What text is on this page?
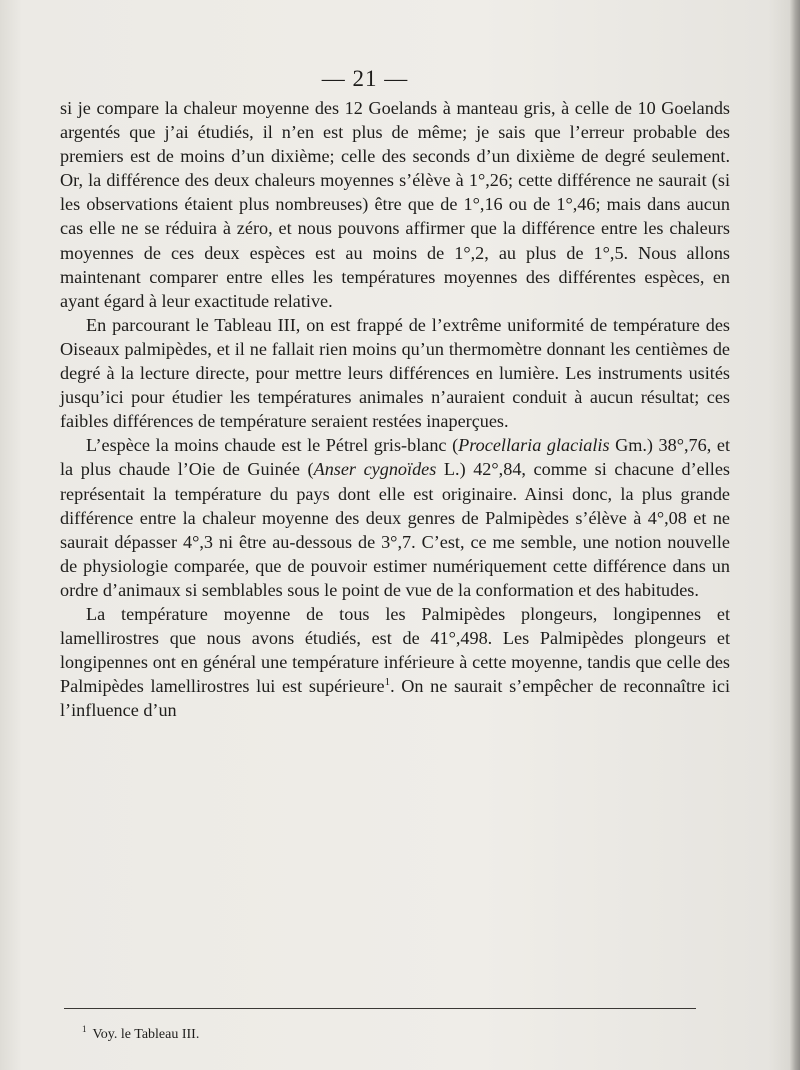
— 21 —

si je compare la chaleur moyenne des 12 Goelands à manteau gris, à celle de 10 Goelands argentés que j’ai étudiés, il n’en est plus de même; je sais que l’erreur probable des premiers est de moins d’un dixième; celle des seconds d’un dixième de degré seulement. Or, la différence des deux chaleurs moyennes s’élève à 1°,26; cette différence ne saurait (si les observations étaient plus nombreuses) être que de 1°,16 ou de 1°,46; mais dans aucun cas elle ne se réduira à zéro, et nous pouvons affirmer que la différence entre les chaleurs moyennes de ces deux espèces est au moins de 1°,2, au plus de 1°,5. Nous allons maintenant comparer entre elles les températures moyennes des différentes espèces, en ayant égard à leur exactitude relative.

En parcourant le Tableau III, on est frappé de l’extrême uniformité de température des Oiseaux palmipèdes, et il ne fallait rien moins qu’un thermomètre donnant les centièmes de degré à la lecture directe, pour mettre leurs différences en lumière. Les instruments usités jusqu’ici pour étudier les températures animales n’auraient conduit à aucun résultat; ces faibles différences de température seraient restées inaperçues.

L’espèce la moins chaude est le Pétrel gris-blanc (Procellaria glacialis Gm.) 38°,76, et la plus chaude l’Oie de Guinée (Anser cygnoïdes L.) 42°,84, comme si chacune d’elles représentait la température du pays dont elle est originaire. Ainsi donc, la plus grande différence entre la chaleur moyenne des deux genres de Palmipèdes s’élève à 4°,08 et ne saurait dépasser 4°,3 ni être au-dessous de 3°,7. C’est, ce me semble, une notion nouvelle de physiologie comparée, que de pouvoir estimer numériquement cette différence dans un ordre d’animaux si semblables sous le point de vue de la conformation et des habitudes.

La température moyenne de tous les Palmipèdes plongeurs, longipennes et lamellirostres que nous avons étudiés, est de 41°,498. Les Palmipèdes plongeurs et longipennes ont en général une température inférieure à cette moyenne, tandis que celle des Palmipèdes lamellirostres lui est supérieure$^1$. On ne saurait s’empêcher de reconnaître ici l’influence d’un

$^1$ Voy. le Tableau III.
